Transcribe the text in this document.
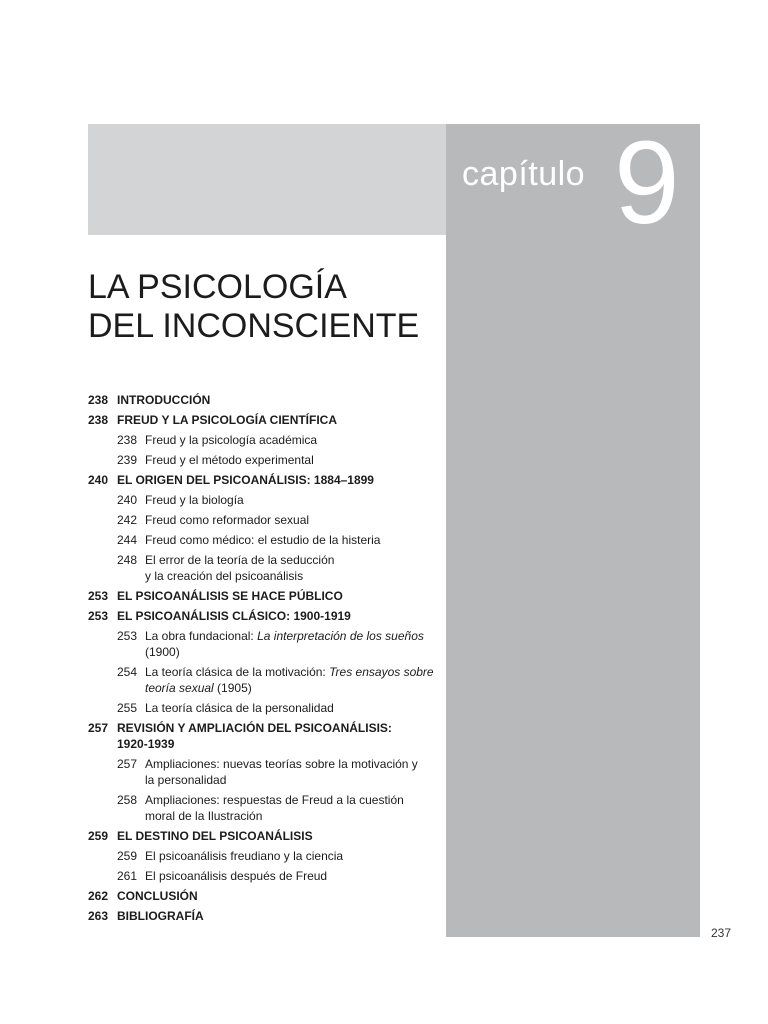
capítulo 9
LA PSICOLOGÍA
DEL INCONSCIENTE
238 INTRODUCCIÓN
238 FREUD Y LA PSICOLOGÍA CIENTÍFICA
238 Freud y la psicología académica
239 Freud y el método experimental
240 EL ORIGEN DEL PSICOANÁLISIS: 1884–1899
240 Freud y la biología
242 Freud como reformador sexual
244 Freud como médico: el estudio de la histeria
248 El error de la teoría de la seducción
y la creación del psicoanálisis
253 EL PSICOANÁLISIS SE HACE PÚBLICO
253 EL PSICOANÁLISIS CLÁSICO: 1900-1919
253 La obra fundacional: La interpretación de los sueños
(1900)
254 La teoría clásica de la motivación: Tres ensayos sobre
teoría sexual (1905)
255 La teoría clásica de la personalidad
257 REVISIÓN Y AMPLIACIÓN DEL PSICOANÁLISIS:
1920-1939
257 Ampliaciones: nuevas teorías sobre la motivación y
la personalidad
258 Ampliaciones: respuestas de Freud a la cuestión
moral de la Ilustración
259 EL DESTINO DEL PSICOANÁLISIS
259 El psicoanálisis freudiano y la ciencia
261 El psicoanálisis después de Freud
262 CONCLUSIÓN
263 BIBLIOGRAFÍA
237
